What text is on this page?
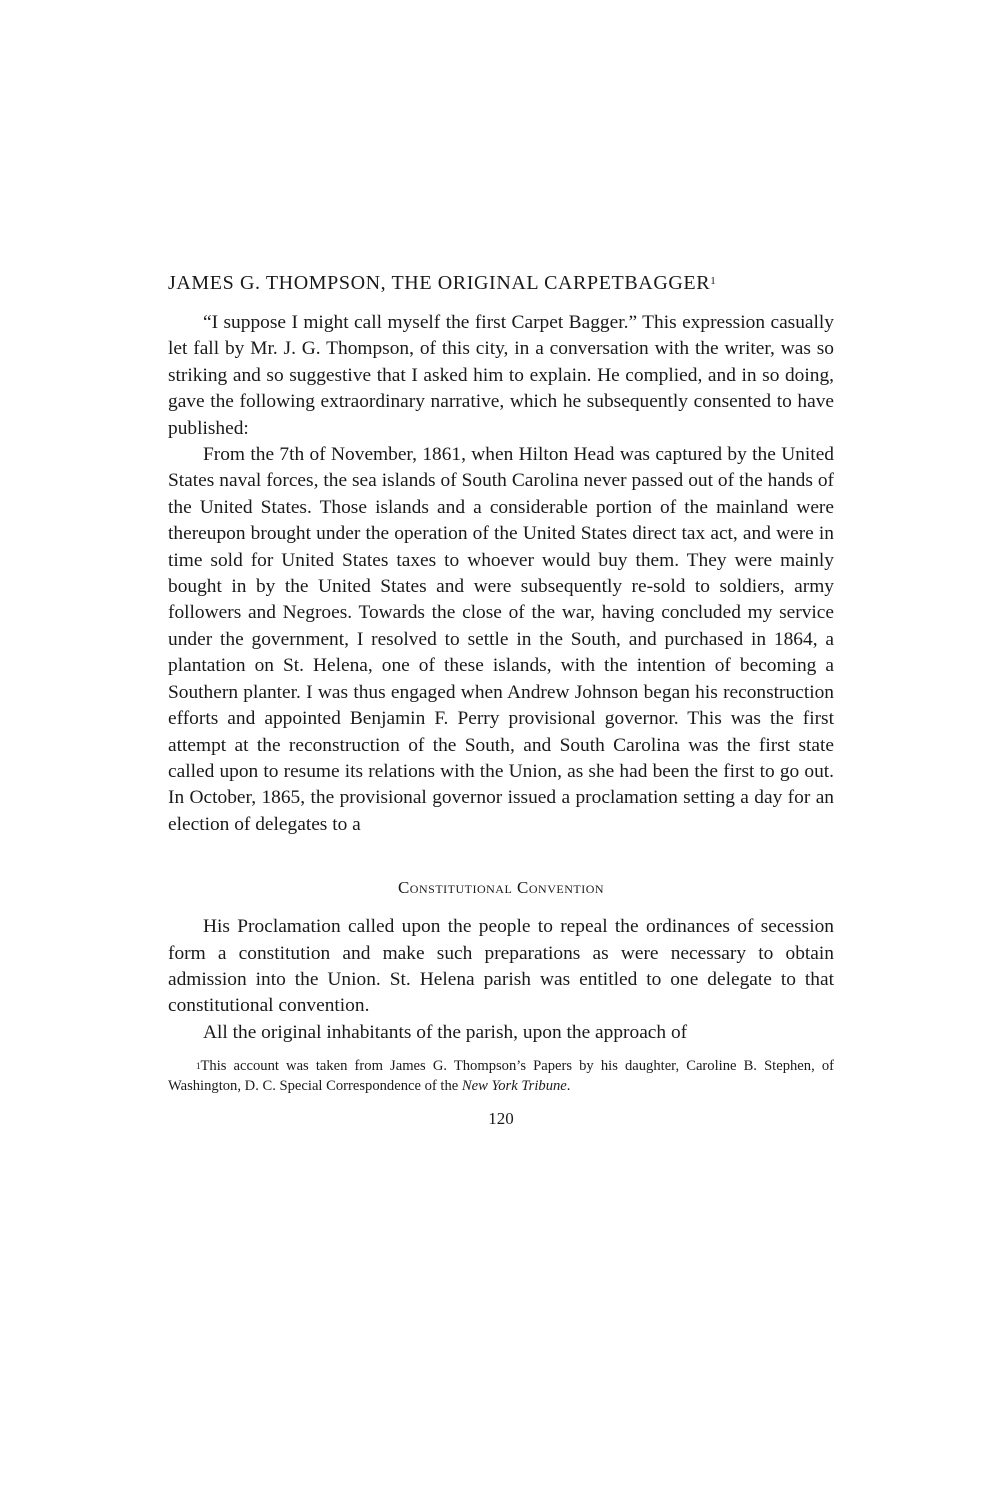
JAMES G. THOMPSON, THE ORIGINAL CARPETBAGGER$^1$

“I suppose I might call myself the first Carpet Bagger.” This expression casually let fall by Mr. J. G. Thompson, of this city, in a conversation with the writer, was so striking and so suggestive that I asked him to explain. He complied, and in so doing, gave the following extraordinary narrative, which he subsequently consented to have published:

From the 7th of November, 1861, when Hilton Head was captured by the United States naval forces, the sea islands of South Carolina never passed out of the hands of the United States. Those islands and a considerable portion of the mainland were thereupon brought under the operation of the United States direct tax act, and were in time sold for United States taxes to whoever would buy them. They were mainly bought in by the United States and were subsequently re-sold to soldiers, army followers and Negroes. Towards the close of the war, having concluded my service under the government, I resolved to settle in the South, and purchased in 1864, a plantation on St. Helena, one of these islands, with the intention of becoming a Southern planter. I was thus engaged when Andrew Johnson began his reconstruction efforts and appointed Benjamin F. Perry provisional governor. This was the first attempt at the reconstruction of the South, and South Carolina was the first state called upon to resume its relations with the Union, as she had been the first to go out. In October, 1865, the provisional governor issued a proclamation setting a day for an election of delegates to a

Constitutional Convention

His Proclamation called upon the people to repeal the ordinances of secession form a constitution and make such preparations as were necessary to obtain admission into the Union. St. Helena parish was entitled to one delegate to that constitutional convention.

All the original inhabitants of the parish, upon the approach of

$^1$This account was taken from James G. Thompson’s Papers by his daughter, Caroline B. Stephen, of Washington, D. C. Special Correspondence of the New York Tribune.

120
